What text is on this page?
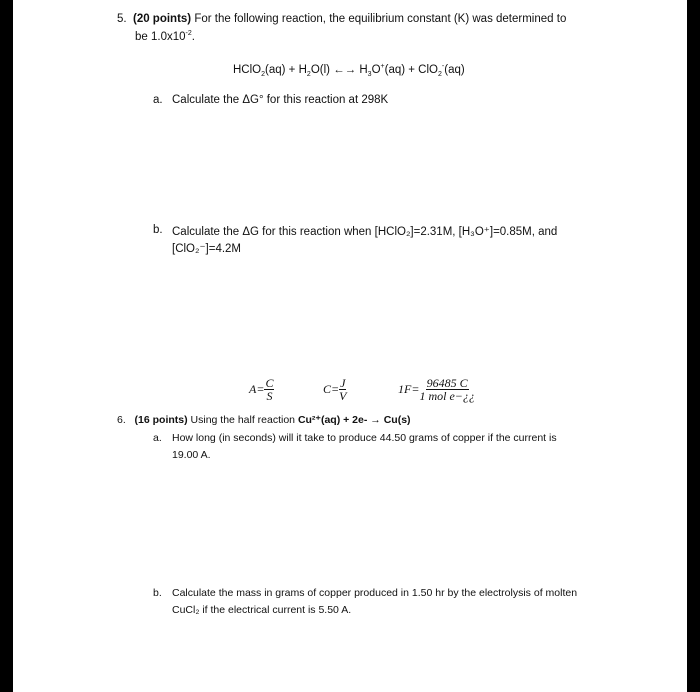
5. (20 points) For the following reaction, the equilibrium constant (K) was determined to
be $1.0x10^{-2}$.
HClO$_2$(aq) + $H_2O(l)$ ←→ $H_3O^+(aq) + ClO_2^-(aq)$
a. Calculate the ΔG° for this reaction at 298K
b. Calculate the ΔG for this reaction when [HClO₂]=2.31M, [H₃O⁺]=0.85M, and
[ClO₂⁻]=4.2M
$A= \frac{C}{S}$	$C= \frac{J}{V}$	$1F= \frac{96485 C}{\text{1 mol e−¿¿}}$
6. (16 points) Using the half reaction Cu²⁺(aq) + 2e- → Cu(s)
a. How long (in seconds) will it take to produce 44.50 grams of copper if the current is
19.00 A.
b. Calculate the mass in grams of copper produced in 1.50 hr by the electrolysis of molten
CuCl₂ if the electrical current is 5.50 A.
